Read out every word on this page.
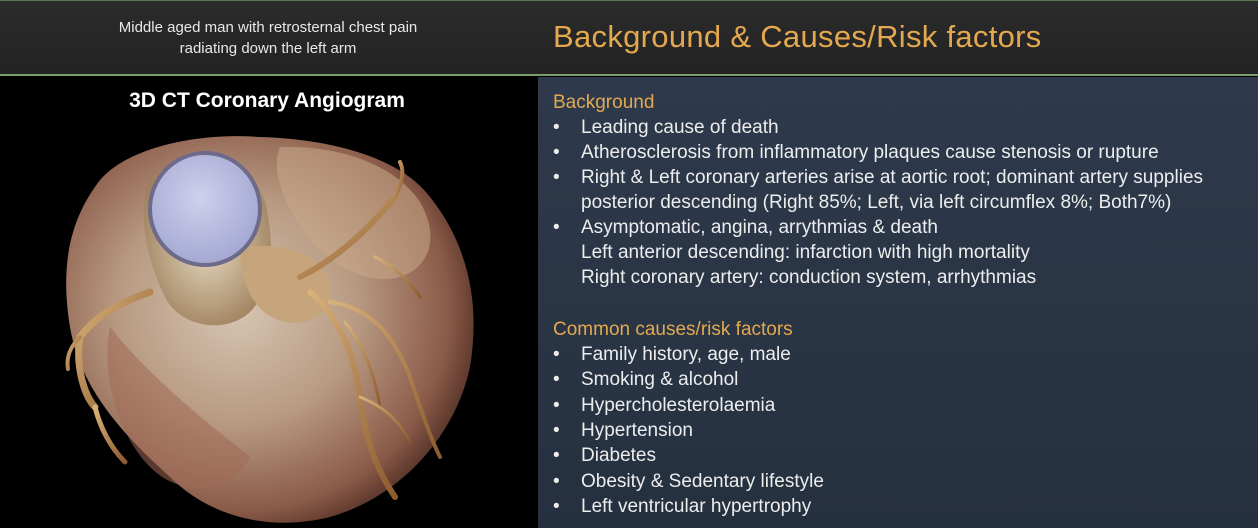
Middle aged man with retrosternal chest pain
radiating down the left arm	Background & Causes/Risk factors
3D CT Coronary Angiogram	Background
• Leading cause of death
• Atherosclerosis from inflammatory plaques cause stenosis or rupture
• Right & Left coronary arteries arise at aortic root; dominant artery supplies
posterior descending (Right 85%; Left, via left circumflex 8%; Both7%)
• Asymptomatic, angina, arrythmias & death
Left anterior descending: infarction with high mortality
Right coronary artery: conduction system, arrhythmias
Common causes/risk factors
• Family history, age, male
• Smoking & alcohol
• Hypercholesterolaemia
• Hypertension
• Diabetes
• Obesity & Sedentary lifestyle
• Left ventricular hypertrophy
